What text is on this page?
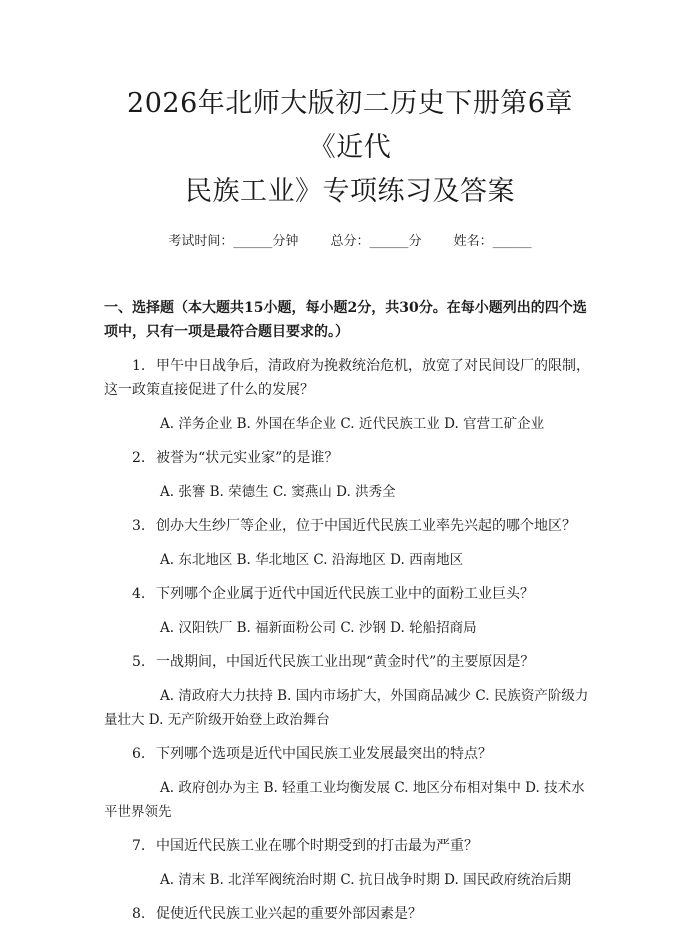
2026年北师大版初二历史下册第6章《近代
民族工业》专项练习及答案
考试时间：______分钟 总分：______分 姓名：______
一、选择题（本大题共15小题，每小题2分，共30分。在每小题列出的四个选项中，只有一项是最符合题目要求的。）
1. 甲午中日战争后，清政府为挽救统治危机，放宽了对民间设厂的限制，这一政策直接促进了什么的发展？
A. 洋务企业 B. 外国在华企业 C. 近代民族工业 D. 官营工矿企业
2. 被誉为“状元实业家”的是谁？
A. 张謇 B. 荣德生 C. 窦燕山 D. 洪秀全
3. 创办大生纱厂等企业，位于中国近代民族工业率先兴起的哪个地区？
A. 东北地区 B. 华北地区 C. 沿海地区 D. 西南地区
4. 下列哪个企业属于近代中国近代民族工业中的面粉工业巨头？
A. 汉阳铁厂 B. 福新面粉公司 C. 沙钢 D. 轮船招商局
5. 一战期间，中国近代民族工业出现“黄金时代”的主要原因是？
A. 清政府大力扶持 B. 国内市场扩大，外国商品减少 C. 民族资产阶级力量壮大 D. 无产阶级开始登上政治舞台
6. 下列哪个选项是近代中国民族工业发展最突出的特点？
A. 政府创办为主 B. 轻重工业均衡发展 C. 地区分布相对集中 D. 技术水平世界领先
7. 中国近代民族工业在哪个时期受到的打击最为严重？
A. 清末 B. 北洋军阀统治时期 C. 抗日战争时期 D. 国民政府统治后期
8. 促使近代民族工业兴起的重要外部因素是？
